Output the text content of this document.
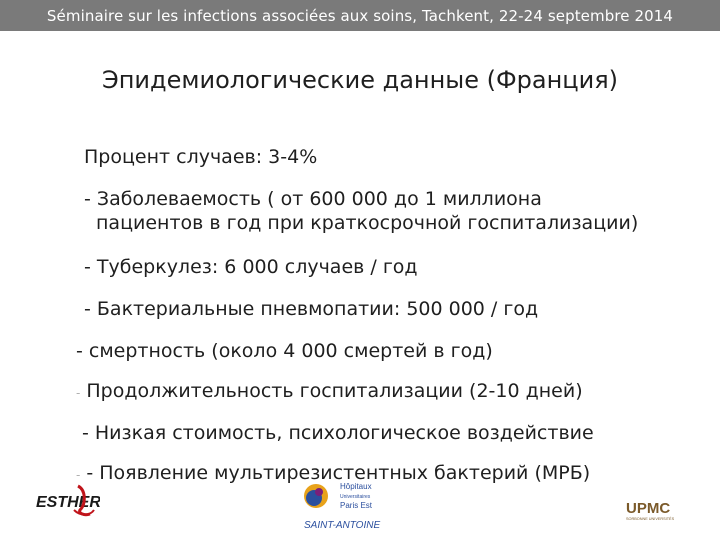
Séminaire sur les infections associées aux soins, Tachkent, 22-24 septembre 2014
Эпидемиологические данные (Франция)
Процент случаев: 3-4%
- Заболеваемость ( от 600 000 до 1 миллиона
пациентов в год при краткосрочной госпитализации)
- Туберкулез: 6 000 случаев / год
- Бактериальные пневмопатии: 500 000 / год
- смертность (около 4 000 смертей в год)
- Продолжительность госпитализации (2-10 дней)
- Низкая стоимость, психологическое воздействие
- - Появление мультирезистентных бактерий (МРБ)
ESTHER
Hôpitaux
Universitaires
Paris Est
SAINT-ANTOINE
UPMC
SORBONNE UNIVERSITÉS
